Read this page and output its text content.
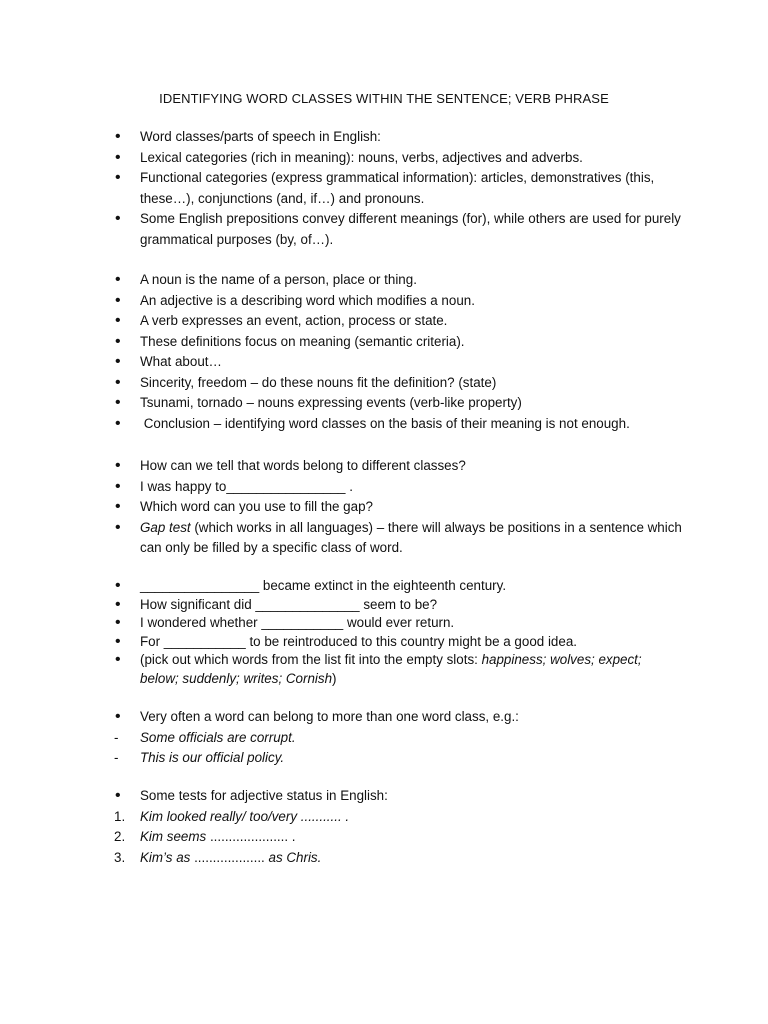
IDENTIFYING WORD CLASSES WITHIN THE SENTENCE; VERB PHRASE
•
Word classes/parts of speech in English:
•
Lexical categories (rich in meaning): nouns, verbs, adjectives and adverbs.
•
Functional categories (express grammatical information): articles, demonstratives (this, these…), conjunctions (and, if…) and pronouns.
•
Some English prepositions convey different meanings (for), while others are used for purely grammatical purposes (by, of…).
•
A noun is the name of a person, place or thing.
•
An adjective is a describing word which modifies a noun.
•
A verb expresses an event, action, process or state.
•
These definitions focus on meaning (semantic criteria).
•
What about…
•
Sincerity, freedom – do these nouns fit the definition? (state)
•
Tsunami, tornado – nouns expressing events (verb-like property)
•
Conclusion – identifying word classes on the basis of their meaning is not enough.
•
How can we tell that words belong to different classes?
•
I was happy to________________ .
•
Which word can you use to fill the gap?
•
Gap test (which works in all languages) – there will always be positions in a sentence which can only be filled by a specific class of word.
•
________________ became extinct in the eighteenth century.
•
How significant did ______________ seem to be?
•
I wondered whether ___________ would ever return.
•
For ___________ to be reintroduced to this country might be a good idea.
•
(pick out which words from the list fit into the empty slots: happiness; wolves; expect; below; suddenly; writes; Cornish)
•
Very often a word can belong to more than one word class, e.g.:
-	Some officials are corrupt.
-	This is our official policy.
•
Some tests for adjective status in English:
1.	Kim looked really/ too/very ........... .
2.	Kim seems ..................... .
3.	Kim’s as ................... as Chris.
